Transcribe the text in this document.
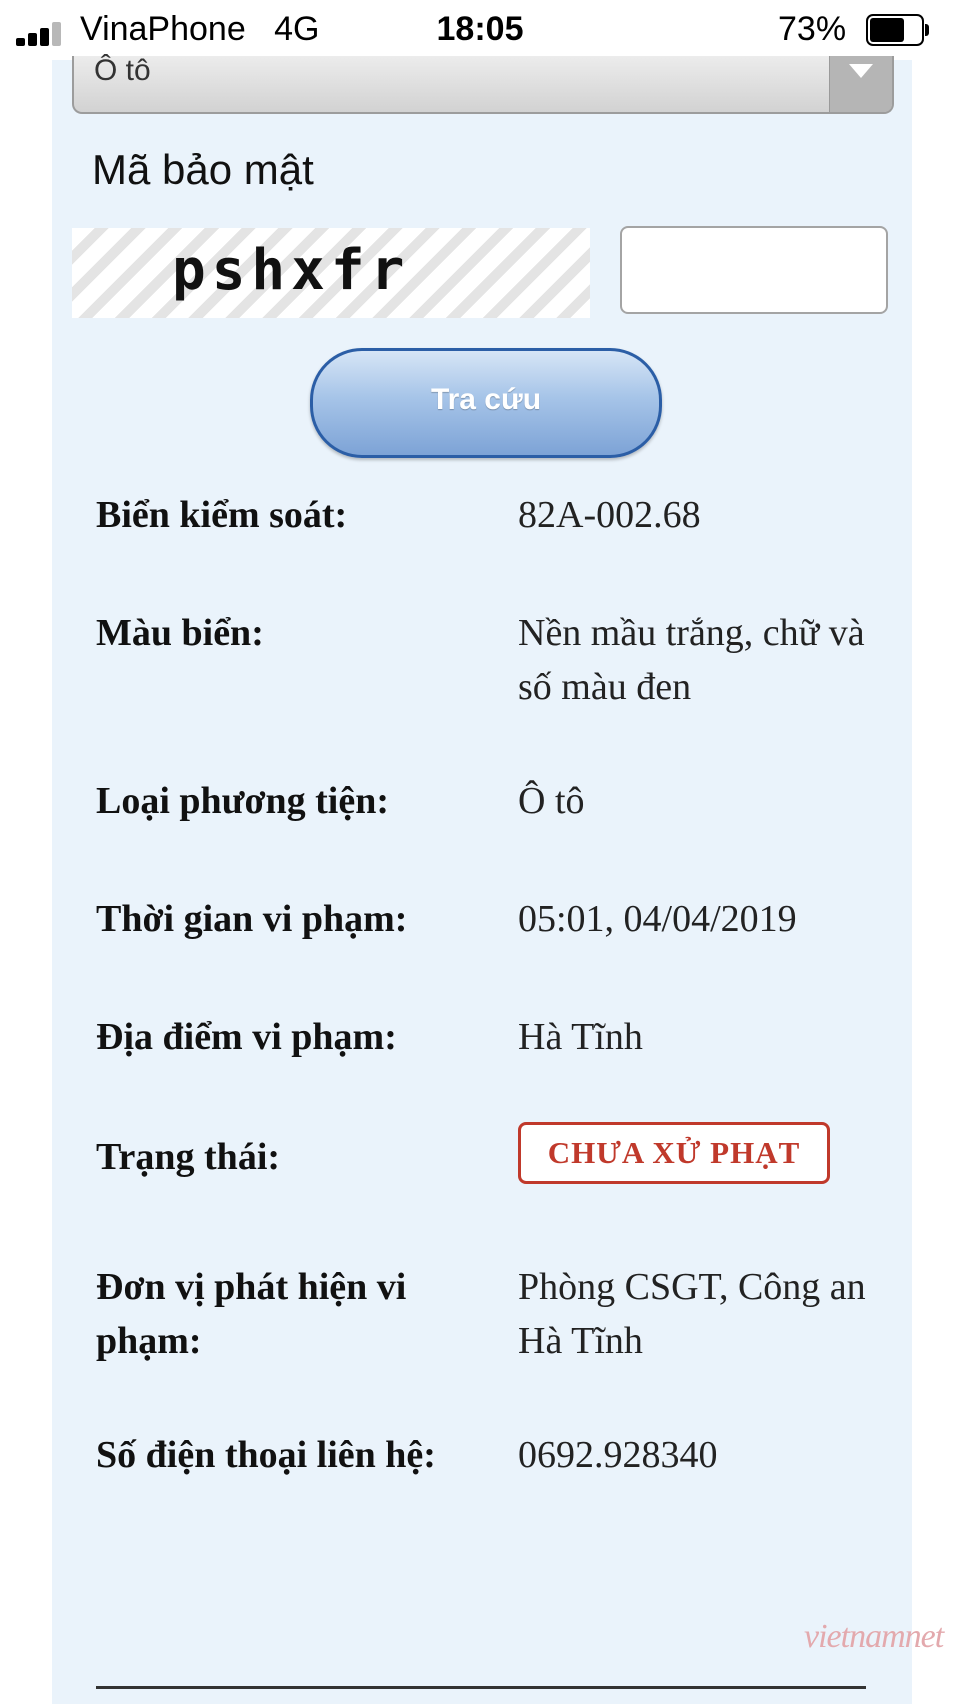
VinaPhone 4G	18:05	73%
Ô tô
Mã bảo mật
pshxfr
Tra cứu
Biển kiểm soát:	82A-002.68
Màu biển:	Nền mầu trắng, chữ và số màu đen
Loại phương tiện:	Ô tô
Thời gian vi phạm:	05:01, 04/04/2019
Địa điểm vi phạm:	Hà Tĩnh
Trạng thái:	CHƯA XỬ PHẠT
Đơn vị phát hiện vi phạm:
Phòng CSGT, Công an Hà Tĩnh
Số điện thoại liên hệ:	0692.928340
vietnamnet
